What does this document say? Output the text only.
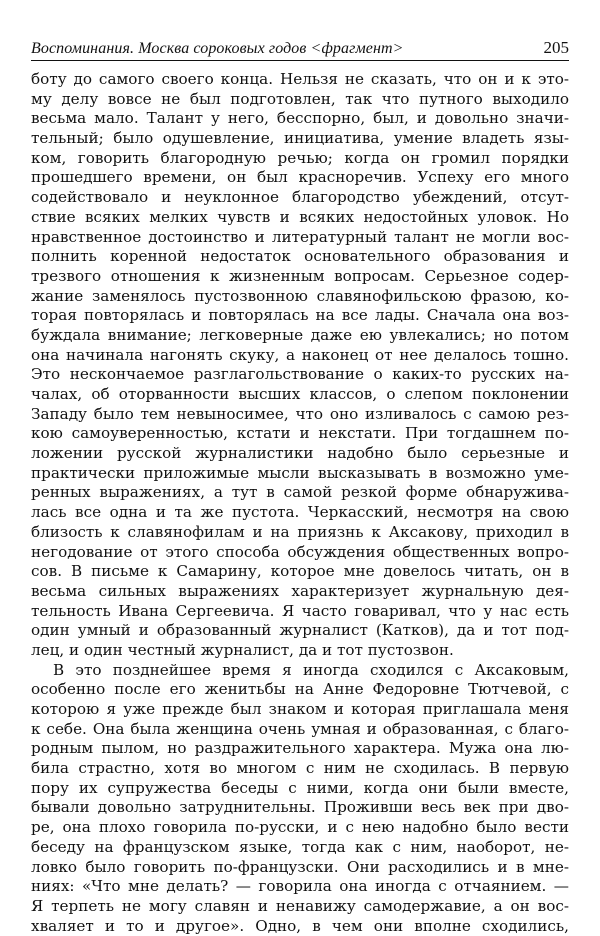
Воспоминания. Москва сороковых годов <фрагмент>	205
боту до самого своего конца. Нельзя не сказать, что он и к это-
му делу вовсе не был подготовлен, так что путного выходило
весьма мало. Талант у него, бесспорно, был, и довольно значи-
тельный; было одушевление, инициатива, умение владеть язы-
ком, говорить благородную речью; когда он громил порядки
прошедшего времени, он был красноречив. Успеху его много
содействовало и неуклонное благородство убеждений, отсут-
ствие всяких мелких чувств и всяких недостойных уловок. Но
нравственное достоинство и литературный талант не могли вос-
полнить коренной недостаток основательного образования и
трезвого отношения к жизненным вопросам. Серьезное содер-
жание заменялось пустозвонною славянофильскою фразою, ко-
торая повторялась и повторялась на все лады. Сначала она воз-
буждала внимание; легковерные даже ею увлекались; но потом
она начинала нагонять скуку, а наконец от нее делалось тошно.
Это нескончаемое разглагольствование о каких-то русских на-
чалах, об оторванности высших классов, о слепом поклонении
Западу было тем невыносимее, что оно изливалось с самою рез-
кою самоуверенностью, кстати и некстати. При тогдашнем по-
ложении русской журналистики надобно было серьезные и
практически приложимые мысли высказывать в возможно уме-
ренных выражениях, а тут в самой резкой форме обнаружива-
лась все одна и та же пустота. Черкасский, несмотря на свою
близость к славянофилам и на приязнь к Аксакову, приходил в
негодование от этого способа обсуждения общественных вопро-
сов. В письме к Самарину, которое мне довелось читать, он в
весьма сильных выражениях характеризует журнальную дея-
тельность Ивана Сергеевича. Я часто говаривал, что у нас есть
один умный и образованный журналист (Катков), да и тот под-
лец, и один честный журналист, да и тот пустозвон.
В это позднейшее время я иногда сходился с Аксаковым,
особенно после его женитьбы на Анне Федоровне Тютчевой, с
которою я уже прежде был знаком и которая приглашала меня
к себе. Она была женщина очень умная и образованная, с благо-
родным пылом, но раздражительного характера. Мужа она лю-
била страстно, хотя во многом с ним не сходилась. В первую
пору их супружества беседы с ними, когда они были вместе,
бывали довольно затруднительны. Проживши весь век при дво-
ре, она плохо говорила по-русски, и с нею надобно было вести
беседу на французском языке, тогда как с ним, наоборот, не-
ловко было говорить по-французски. Они расходились и в мне-
ниях: «Что мне делать? — говорила она иногда с отчаянием. —
Я терпеть не могу славян и ненавижу самодержавие, а он вос-
хваляет и то и другое». Одно, в чем они вполне сходились,
